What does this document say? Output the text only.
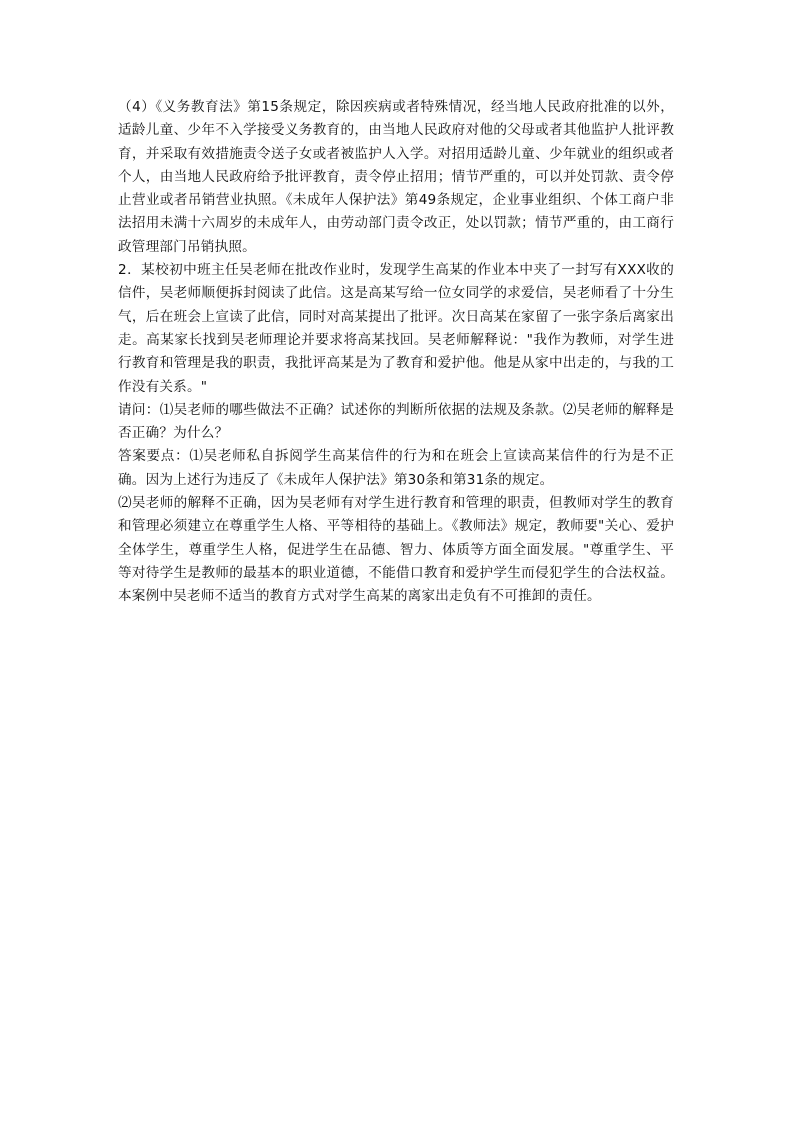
（4）《义务教育法》第15条规定，除因疾病或者特殊情况，经当地人民政府批准的以外，适龄儿童、少年不入学接受义务教育的，由当地人民政府对他的父母或者其他监护人批评教育，并采取有效措施责令送子女或者被监护人入学。对招用适龄儿童、少年就业的组织或者个人，由当地人民政府给予批评教育，责令停止招用；情节严重的，可以并处罚款、责令停止营业或者吊销营业执照。《未成年人保护法》第49条规定，企业事业组织、个体工商户非法招用未满十六周岁的未成年人，由劳动部门责令改正，处以罚款；情节严重的，由工商行政管理部门吊销执照。

2．某校初中班主任吴老师在批改作业时，发现学生高某的作业本中夹了一封写有XXX收的信件，吴老师顺便拆封阅读了此信。这是高某写给一位女同学的求爱信，吴老师看了十分生气，后在班会上宣读了此信，同时对高某提出了批评。次日高某在家留了一张字条后离家出走。高某家长找到吴老师理论并要求将高某找回。吴老师解释说："我作为教师，对学生进行教育和管理是我的职责，我批评高某是为了教育和爱护他。他是从家中出走的，与我的工作没有关系。"

请问：⑴吴老师的哪些做法不正确？试述你的判断所依据的法规及条款。⑵吴老师的解释是否正确？为什么？

答案要点：⑴吴老师私自拆阅学生高某信件的行为和在班会上宣读高某信件的行为是不正确。因为上述行为违反了《未成年人保护法》第30条和第31条的规定。

⑵吴老师的解释不正确，因为吴老师有对学生进行教育和管理的职责，但教师对学生的教育和管理必须建立在尊重学生人格、平等相待的基础上。《教师法》规定，教师要"关心、爱护全体学生，尊重学生人格，促进学生在品德、智力、体质等方面全面发展。"尊重学生、平等对待学生是教师的最基本的职业道德，不能借口教育和爱护学生而侵犯学生的合法权益。本案例中吴老师不适当的教育方式对学生高某的离家出走负有不可推卸的责任。
